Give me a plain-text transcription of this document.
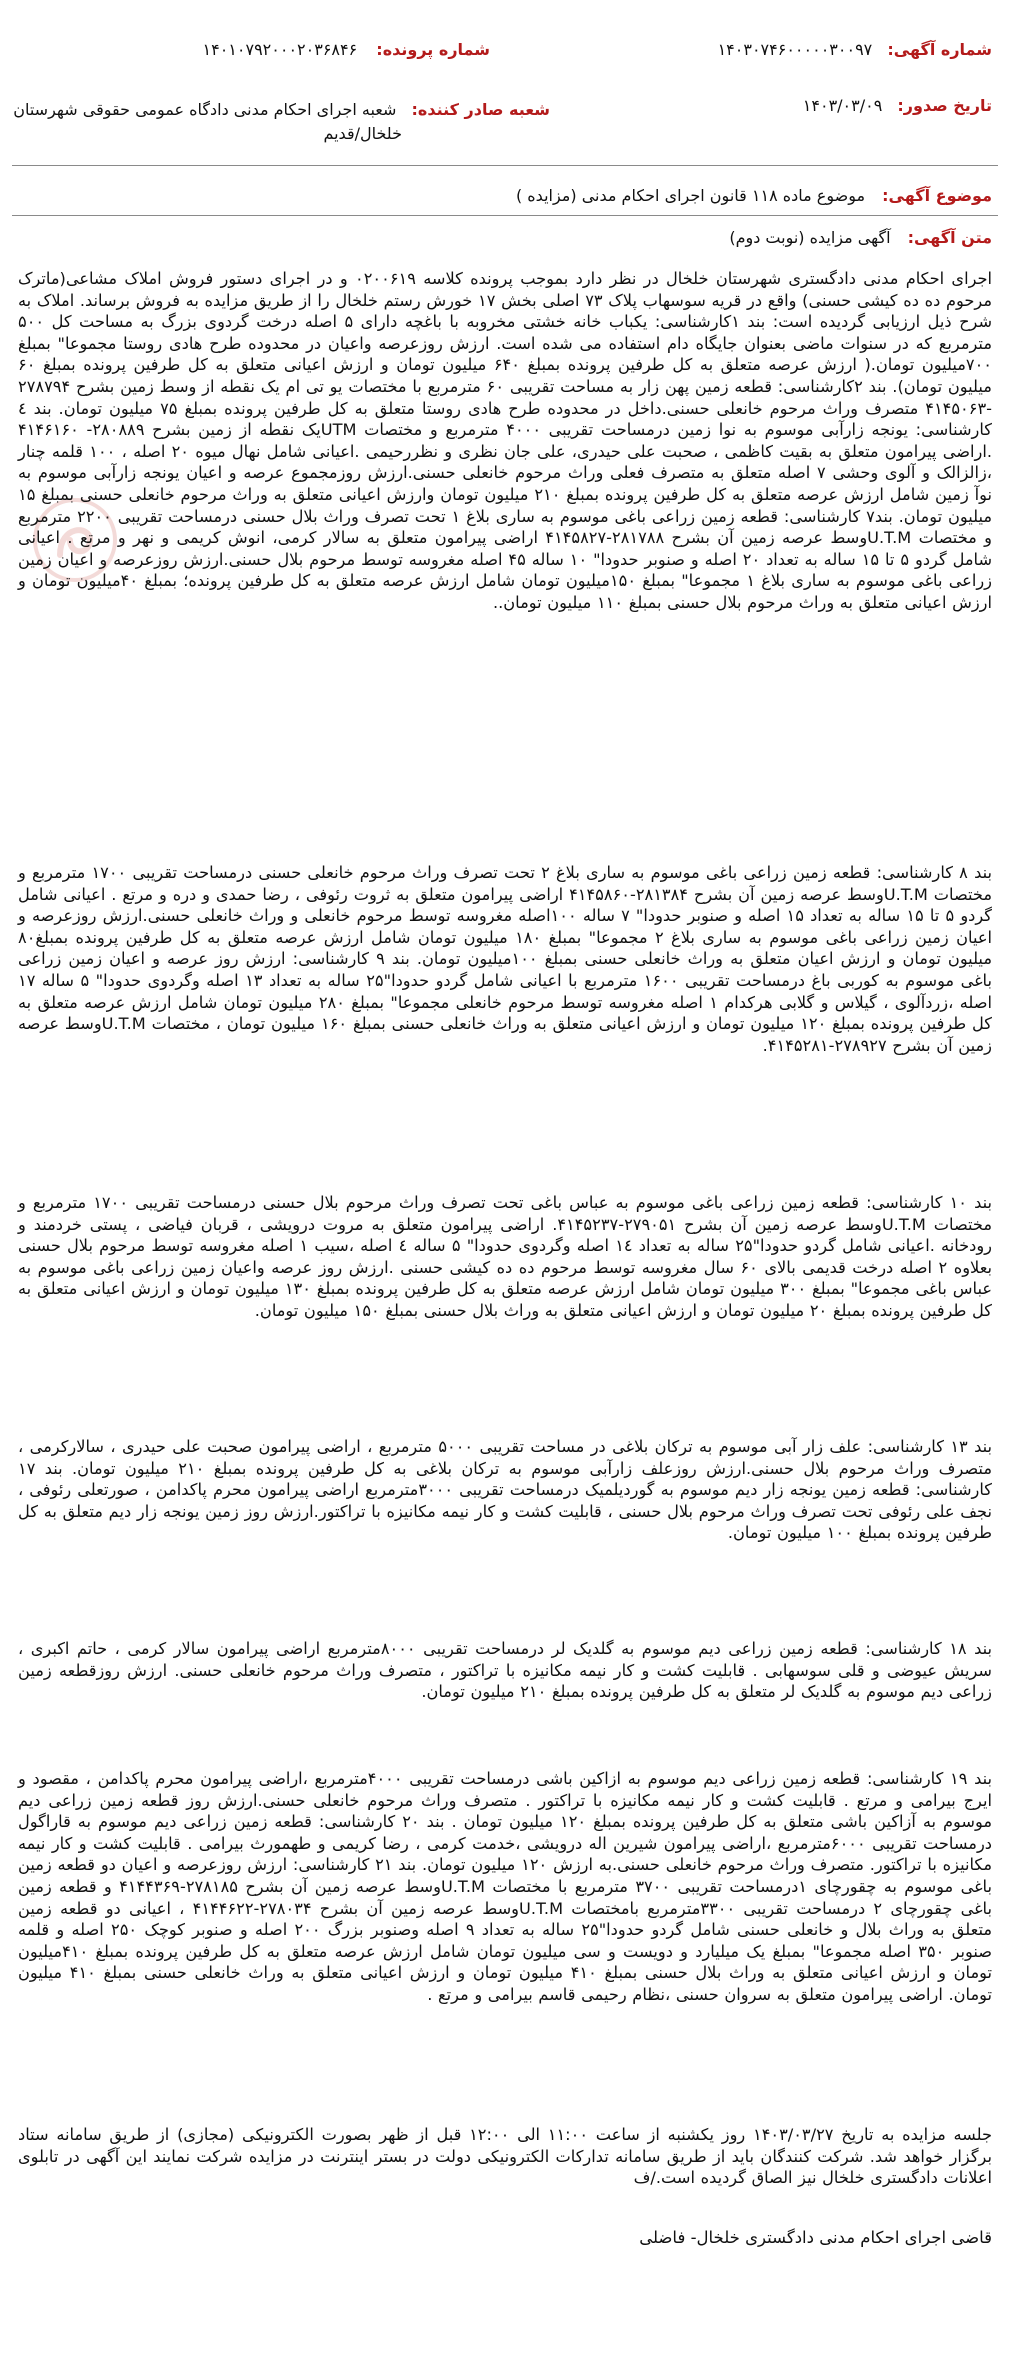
شماره آگهی: ۱۴۰۳۰۷۴۶۰۰۰۰۰۳۰۰۹۷
شماره پرونده: ۱۴۰۱۰۷۹۲۰۰۰۲۰۳۶۸۴۶
تاریخ صدور: ۱۴۰۳/۰۳/۰۹
شعبه صادر کننده: شعبه اجرای احکام مدنی دادگاه عمومی حقوقی شهرستان
خلخال/قدیم
موضوع آگهی: موضوع ماده ۱۱۸ قانون اجرای احکام مدنی (مزایده )
متن آگهی: آگهی مزایده (نوبت دوم)
اجرای احکام مدنی دادگستری شهرستان خلخال در نظر دارد بموجب پرونده کلاسه ۰۲۰۰۶۱۹ و در اجرای دستور فروش املاک مشاعی(ماترک مرحوم ده ده کیشی حسنی) واقع در قریه سوسهاب پلاک ۷۳ اصلی بخش ۱۷ خورش رستم خلخال را از طریق مزایده به فروش برساند. املاک به شرح ذیل ارزیابی گردیده است: بند ۱کارشناسی: یکباب خانه خشتی مخروبه با باغچه دارای ۵ اصله درخت گردوی بزرگ به مساحت کل ۵۰۰ مترمربع که در سنوات ماضی بعنوان جایگاه دام استفاده می شده است. ارزش روزعرصه واعیان در محدوده طرح هادی روستا مجموعا" بمبلغ ۷۰۰میلیون تومان.( ارزش عرصه متعلق به کل طرفین پرونده بمبلغ ۶۴۰ میلیون تومان و ارزش اعیانی متعلق به کل طرفین پرونده بمبلغ ۶۰ میلیون تومان). بند ۲کارشناسی: قطعه زمین پهن زار به مساحت تقریبی ۶۰ مترمربع با مختصات یو تی ام یک نقطه از وسط زمین بشرح ۲۷۸۷۹۴ -۴۱۴۵۰۶۳ متصرف وراث مرحوم خانعلی حسنی.داخل در محدوده طرح هادی روستا متعلق به کل طرفین پرونده بمبلغ ۷۵ میلیون تومان. بند ٤ کارشناسی: یونجه زارآبی موسوم به نوا زمین درمساحت تقریبی ۴۰۰۰ مترمربع و مختصات UTMیک نقطه از زمین بشرح ۲۸۰۸۸۹- ۴۱۴۶۱۶۰ .اراضی پیرامون متعلق به بقیت کاظمی ، صحبت علی حیدری، علی جان نظری و نظررحیمی .اعیانی شامل نهال میوه ۲۰ اصله ، ۱۰۰ قلمه چنار ،زالزالک و آلوی وحشی ۷ اصله متعلق به متصرف فعلی وراث مرحوم خانعلی حسنی.ارزش روزمجموع عرصه و اعیان یونجه زارآبی موسوم به نوآ زمین شامل ارزش عرصه متعلق به کل طرفین پرونده بمبلغ ۲۱۰ میلیون تومان وارزش اعیانی متعلق به وراث مرحوم خانعلی حسنی بمبلغ ۱۵ میلیون تومان. بند۷ کارشناسی: قطعه زمین زراعی باغی موسوم به ساری بلاغ ۱ تحت تصرف وراث بلال حسنی درمساحت تقریبی ۲۲۰۰ مترمربع و مختصات U.T.Mوسط عرصه زمین آن بشرح ۲۸۱۷۸۸-۴۱۴۵۸۲۷ اراضی پیرامون متعلق به سالار کرمی، انوش کریمی و نهر و مرتع . اعیانی شامل گردو ۵ تا ۱۵ ساله به تعداد ۲۰ اصله و صنوبر حدودا" ۱۰ ساله ۴۵ اصله مغروسه توسط مرحوم بلال حسنی.ارزش روزعرصه و اعیان زمین زراعی باغی موسوم به ساری بلاغ ۱ مجموعا" بمبلغ ۱۵۰میلیون تومان شامل ارزش عرصه متعلق به کل طرفین پرونده؛ بمبلغ ۴۰میلیون تومان و ارزش اعیانی متعلق به وراث مرحوم بلال حسنی بمبلغ ۱۱۰ میلیون تومان..
بند ۸ کارشناسی: قطعه زمین زراعی باغی موسوم به ساری بلاغ ۲ تحت تصرف وراث مرحوم خانعلی حسنی درمساحت تقریبی ۱۷۰۰ مترمربع و مختصات U.T.Mوسط عرصه زمین آن بشرح ۲۸۱۳۸۴-۴۱۴۵۸۶۰ اراضی پیرامون متعلق به ثروت رئوفی ، رضا حمدی و دره و مرتع . اعیانی شامل گردو ۵ تا ۱۵ ساله به تعداد ۱۵ اصله و صنوبر حدودا" ۷ ساله ۱۰۰اصله مغروسه توسط مرحوم خانعلی و وراث خانعلی حسنی.ارزش روزعرصه و اعیان زمین زراعی باغی موسوم به ساری بلاغ ۲ مجموعا" بمبلغ ۱۸۰ میلیون تومان شامل ارزش عرصه متعلق به کل طرفین پرونده بمبلغ۸۰ میلیون تومان و ارزش اعیان متعلق به وراث خانعلی حسنی بمبلغ ۱۰۰میلیون تومان. بند ۹ کارشناسی: ارزش روز عرصه و اعیان زمین زراعی باغی موسوم به کوربی باغ درمساحت تقریبی ۱۶۰۰ مترمربع با اعیانی شامل گردو حدودا"۲۵ ساله به تعداد ۱۳ اصله وگردوی حدودا" ۵ ساله ۱۷ اصله ،زردآلوی ، گیلاس و گلابی هرکدام ۱ اصله مغروسه توسط مرحوم خانعلی مجموعا" بمبلغ ۲۸۰ میلیون تومان شامل ارزش عرصه متعلق به کل طرفین پرونده بمبلغ ۱۲۰ میلیون تومان و ارزش اعیانی متعلق به وراث خانعلی حسنی بمبلغ ۱۶۰ میلیون تومان ، مختصات U.T.Mوسط عرصه زمین آن بشرح ۲۷۸۹۲۷-۴۱۴۵۲۸۱.
بند ۱۰ کارشناسی: قطعه زمین زراعی باغی موسوم به عباس باغی تحت تصرف وراث مرحوم بلال حسنی درمساحت تقریبی ۱۷۰۰ مترمربع و مختصات U.T.Mوسط عرصه زمین آن بشرح ۲۷۹۰۵۱-۴۱۴۵۲۳۷. اراضی پیرامون متعلق به مروت درویشی ، قربان فیاضی ، پستی خردمند و رودخانه .اعیانی شامل گردو حدودا"۲۵ ساله به تعداد ۱٤ اصله وگردوی حدودا" ۵ ساله ٤ اصله ،سیب ۱ اصله مغروسه توسط مرحوم بلال حسنی بعلاوه ۲ اصله درخت قدیمی بالای ۶۰ سال مغروسه توسط مرحوم ده ده کیشی حسنی .ارزش روز عرصه واعیان زمین زراعی باغی موسوم به عباس باغی مجموعا" بمبلغ ۳۰۰ میلیون تومان شامل ارزش عرصه متعلق به کل طرفین پرونده بمبلغ ۱۳۰ میلیون تومان و ارزش اعیانی متعلق به کل طرفین پرونده بمبلغ ۲۰ میلیون تومان و ارزش اعیانی متعلق به وراث بلال حسنی بمبلغ ۱۵۰ میلیون تومان.
بند ۱۳ کارشناسی: علف زار آبی موسوم به ترکان بلاغی در مساحت تقریبی ۵۰۰۰ مترمربع ، اراضی پیرامون صحبت علی حیدری ، سالارکرمی ، متصرف وراث مرحوم بلال حسنی.ارزش روزعلف زارآبی موسوم به ترکان بلاغی به کل طرفین پرونده بمبلغ ۲۱۰ میلیون تومان. بند ۱۷ کارشناسی: قطعه زمین یونجه زار دیم موسوم به گوردیلمیک درمساحت تقریبی ۳۰۰۰مترمربع اراضی پیرامون محرم پاکدامن ، صورتعلی رئوفی ، نجف علی رئوفی تحت تصرف وراث مرحوم بلال حسنی ، قابلیت کشت و کار نیمه مکانیزه با تراکتور.ارزش روز زمین یونجه زار دیم متعلق به کل طرفین پرونده بمبلغ ۱۰۰ میلیون تومان.
بند ۱۸ کارشناسی: قطعه زمین زراعی دیم موسوم به گلدیک لر درمساحت تقریبی ۸۰۰۰مترمربع اراضی پیرامون سالار کرمی ، حاتم اکبری ، سریش عیوضی و قلی سوسهابی . قابلیت کشت و کار نیمه مکانیزه با تراکتور ، متصرف وراث مرحوم خانعلی حسنی. ارزش روزقطعه زمین زراعی دیم موسوم به گلدیک لر متعلق به کل طرفین پرونده بمبلغ ۲۱۰ میلیون تومان.
بند ۱۹ کارشناسی: قطعه زمین زراعی دیم موسوم به ازاکین باشی درمساحت تقریبی ۴۰۰۰مترمربع ،اراضی پیرامون محرم پاکدامن ، مقصود و ایرج بیرامی و مرتع . قابلیت کشت و کار نیمه مکانیزه با تراکتور . متصرف وراث مرحوم خانعلی حسنی.ارزش روز قطعه زمین زراعی دیم موسوم به آزاکین باشی متعلق به کل طرفین پرونده بمبلغ ۱۲۰ میلیون تومان . بند ۲۰ کارشناسی: قطعه زمین زراعی دیم موسوم به قاراگول درمساحت تقریبی ۶۰۰۰مترمربع ،اراضی پیرامون شیرین اله درویشی ،خدمت کرمی ، رضا کریمی و طهمورث بیرامی . قابلیت کشت و کار نیمه مکانیزه با تراکتور. متصرف وراث مرحوم خانعلی حسنی.به ارزش ۱۲۰ میلیون تومان. بند ۲۱ کارشناسی: ارزش روزعرصه و اعیان دو قطعه زمین باغی موسوم به چقورچای ۱درمساحت تقریبی ۳۷۰۰ مترمربع با مختصات U.T.Mوسط عرصه زمین آن بشرح ۲۷۸۱۸۵-۴۱۴۴۳۶۹ و قطعه زمین باغی چقورچای ۲ درمساحت تقریبی ۳۳۰۰مترمربع بامختصات U.T.Mوسط عرصه زمین آن بشرح ۲۷۸۰۳۴-۴۱۴۴۶۲۲ ، اعیانی دو قطعه زمین متعلق به وراث بلال و خانعلی حسنی شامل گردو حدودا"۲۵ ساله به تعداد ۹ اصله وصنوبر بزرگ ۲۰۰ اصله و صنوبر کوچک ۲۵۰ اصله و قلمه صنوبر ۳۵۰ اصله مجموعا" بمبلغ یک میلیارد و دویست و سی میلیون تومان شامل ارزش عرصه متعلق به کل طرفین پرونده بمبلغ ۴۱۰میلیون تومان و ارزش اعیانی متعلق به وراث بلال حسنی بمبلغ ۴۱۰ میلیون تومان و ارزش اعیانی متعلق به وراث خانعلی حسنی بمبلغ ۴۱۰ میلیون تومان. اراضی پیرامون متعلق به سروان حسنی ،نظام رحیمی قاسم بیرامی و مرتع .
جلسه مزایده به تاریخ ۱۴۰۳/۰۳/۲۷ روز یکشنبه از ساعت ۱۱:۰۰ الی ۱۲:۰۰ قبل از ظهر بصورت الکترونیکی (مجازی) از طریق سامانه ستاد برگزار خواهد شد. شرکت کنندگان باید از طریق سامانه تدارکات الکترونیکی دولت در بستر اینترنت در مزایده شرکت نمایند این آگهی در تابلوی اعلانات دادگستری خلخال نیز الصاق گردیده است./ف
قاضی اجرای احکام مدنی دادگستری خلخال- فاضلی
